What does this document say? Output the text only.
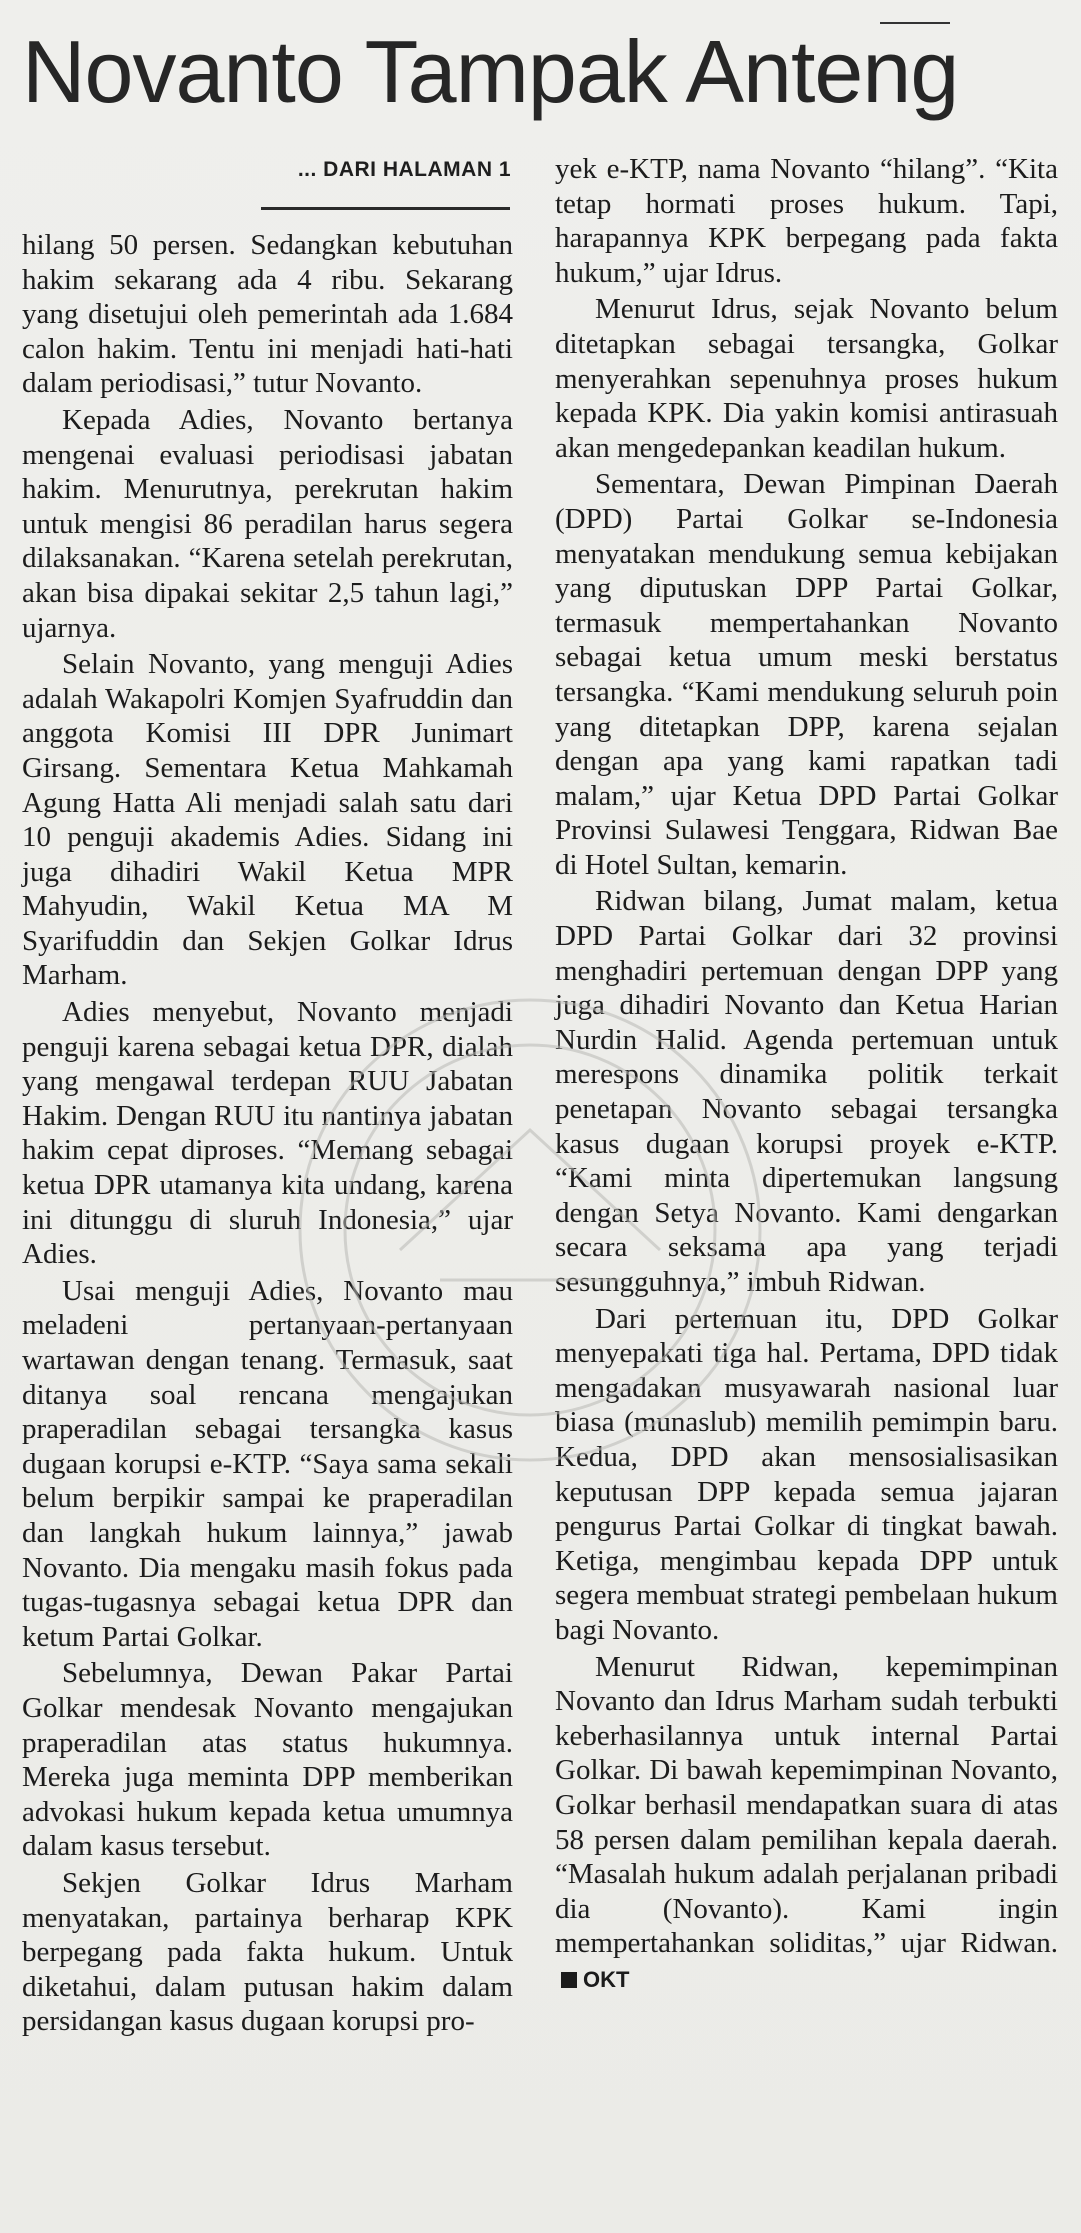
Novanto Tampak Anteng
... DARI HALAMAN 1

hilang 50 persen. Sedangkan kebutuhan hakim sekarang ada 4 ribu. Sekarang yang disetujui oleh pemerintah ada 1.684 calon hakim. Tentu ini menjadi hati-hati dalam periodisasi,” tutur Novanto.

Kepada Adies, Novanto bertanya mengenai evaluasi periodisasi jabatan hakim. Menurutnya, perekrutan hakim untuk mengisi 86 peradilan harus segera dilaksanakan. “Karena setelah perekrutan, akan bisa dipakai sekitar 2,5 tahun lagi,” ujarnya.

Selain Novanto, yang menguji Adies adalah Wakapolri Komjen Syafruddin dan anggota Komisi III DPR Junimart Girsang. Sementara Ketua Mahkamah Agung Hatta Ali menjadi salah satu dari 10 penguji akademis Adies. Sidang ini juga dihadiri Wakil Ketua MPR Mahyudin, Wakil Ketua MA M Syarifuddin dan Sekjen Golkar Idrus Marham.

Adies menyebut, Novanto menjadi penguji karena sebagai ketua DPR, dialah yang mengawal terdepan RUU Jabatan Hakim. Dengan RUU itu nantinya jabatan hakim cepat diproses. “Memang sebagai ketua DPR utamanya kita undang, karena ini ditunggu di sluruh Indonesia,” ujar Adies.

Usai menguji Adies, Novanto mau meladeni pertanyaan-pertanyaan wartawan dengan tenang. Termasuk, saat ditanya soal rencana mengajukan praperadilan sebagai tersangka kasus dugaan korupsi e-KTP. “Saya sama sekali belum berpikir sampai ke praperadilan dan langkah hukum lainnya,” jawab Novanto. Dia mengaku masih fokus pada tugas-tugasnya sebagai ketua DPR dan ketum Partai Golkar.

Sebelumnya, Dewan Pakar Partai Golkar mendesak Novanto mengajukan praperadilan atas status hukumnya. Mereka juga meminta DPP memberikan advokasi hukum kepada ketua umumnya dalam kasus tersebut.

Sekjen Golkar Idrus Marham menyatakan, partainya berharap KPK berpegang pada fakta hukum. Untuk diketahui, dalam putusan hakim dalam persidangan kasus dugaan korupsi pro-

yek e-KTP, nama Novanto “hilang”. “Kita tetap hormati proses hukum. Tapi, harapannya KPK berpegang pada fakta hukum,” ujar Idrus.

Menurut Idrus, sejak Novanto belum ditetapkan sebagai tersangka, Golkar menyerahkan sepenuhnya proses hukum kepada KPK. Dia yakin komisi antirasuah akan mengedepankan keadilan hukum.

Sementara, Dewan Pimpinan Daerah (DPD) Partai Golkar se-Indonesia menyatakan mendukung semua kebijakan yang diputuskan DPP Partai Golkar, termasuk mempertahankan Novanto sebagai ketua umum meski berstatus tersangka. “Kami mendukung seluruh poin yang ditetapkan DPP, karena sejalan dengan apa yang kami rapatkan tadi malam,” ujar Ketua DPD Partai Golkar Provinsi Sulawesi Tenggara, Ridwan Bae di Hotel Sultan, kemarin.

Ridwan bilang, Jumat malam, ketua DPD Partai Golkar dari 32 provinsi menghadiri pertemuan dengan DPP yang juga dihadiri Novanto dan Ketua Harian Nurdin Halid. Agenda pertemuan untuk merespons dinamika politik terkait penetapan Novanto sebagai tersangka kasus dugaan korupsi proyek e-KTP. “Kami minta dipertemukan langsung dengan Setya Novanto. Kami dengarkan secara seksama apa yang terjadi sesungguhnya,” imbuh Ridwan.

Dari pertemuan itu, DPD Golkar menyepakati tiga hal. Pertama, DPD tidak mengadakan musyawarah nasional luar biasa (munaslub) memilih pemimpin baru. Kedua, DPD akan mensosialisasikan keputusan DPP kepada semua jajaran pengurus Partai Golkar di tingkat bawah. Ketiga, mengimbau kepada DPP untuk segera membuat strategi pembelaan hukum bagi Novanto.

Menurut Ridwan, kepemimpinan Novanto dan Idrus Marham sudah terbukti keberhasilannya untuk internal Partai Golkar. Di bawah kepemimpinan Novanto, Golkar berhasil mendapatkan suara di atas 58 persen dalam pemilihan kepala daerah. “Masalah hukum adalah perjalanan pribadi dia (Novanto). Kami ingin mempertahankan soliditas,” ujar Ridwan.OKT
